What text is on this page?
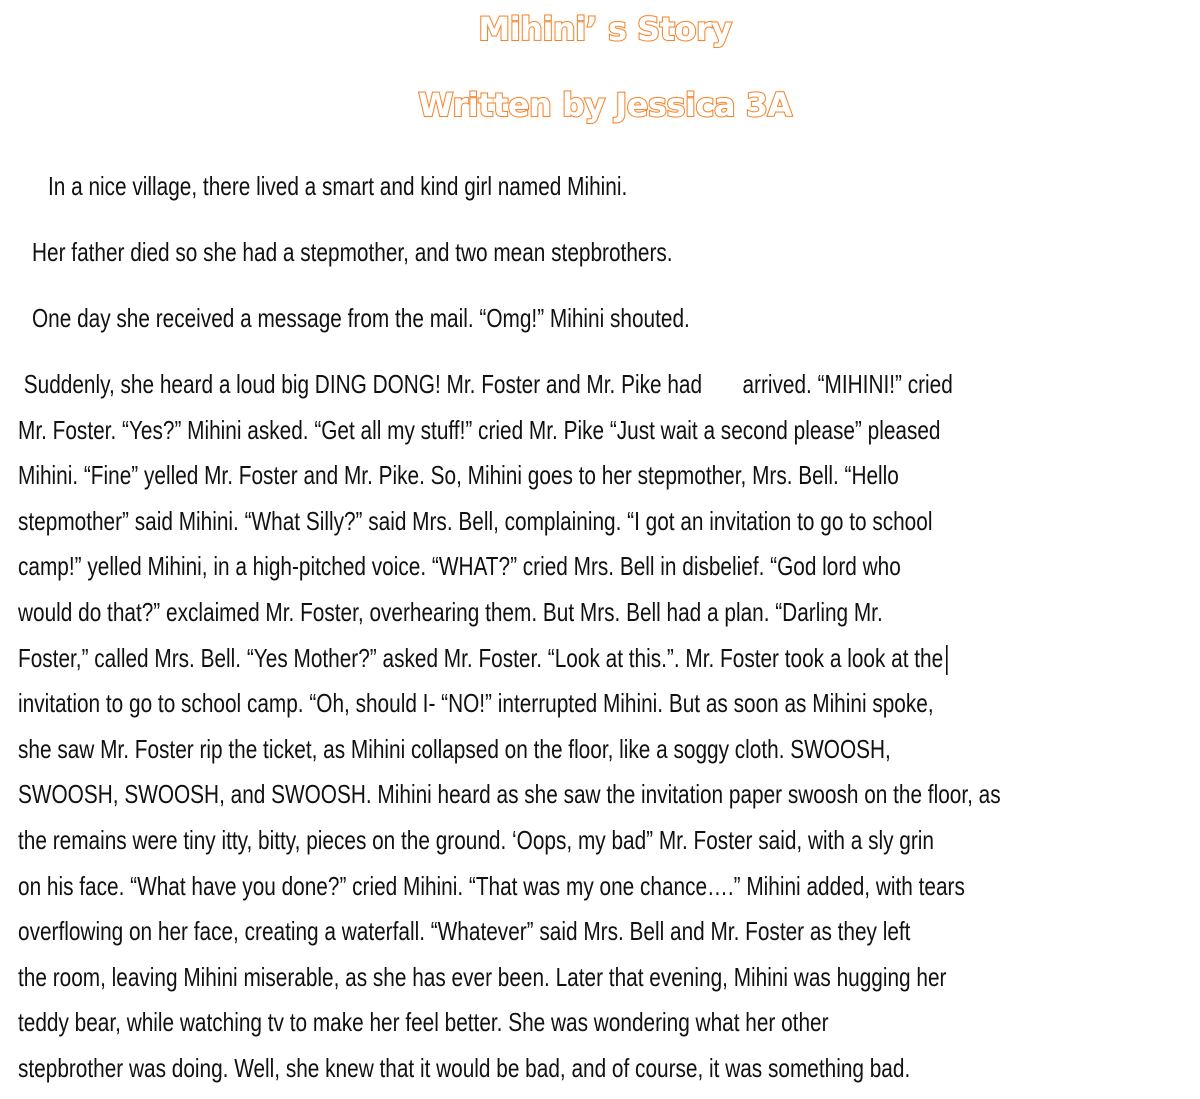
Mihini’ s Story
Written by Jessica 3A
In a nice village, there lived a smart and kind girl named Mihini.
Her father died so she had a stepmother, and two mean stepbrothers.
One day she received a message from the mail. “Omg!” Mihini shouted.
Suddenly, she heard a loud big DING DONG! Mr. Foster and Mr. Pike had       arrived. “MIHINI!” cried
Mr. Foster. “Yes?” Mihini asked. “Get all my stuff!” cried Mr. Pike “Just wait a second please” pleased
Mihini. “Fine” yelled Mr. Foster and Mr. Pike. So, Mihini goes to her stepmother, Mrs. Bell. “Hello
stepmother” said Mihini. “What Silly?” said Mrs. Bell, complaining. “I got an invitation to go to school
camp!” yelled Mihini, in a high-pitched voice. “WHAT?” cried Mrs. Bell in disbelief. “God lord who
would do that?” exclaimed Mr. Foster, overhearing them. But Mrs. Bell had a plan. “Darling Mr.
Foster,” called Mrs. Bell. “Yes Mother?” asked Mr. Foster. “Look at this.”. Mr. Foster took a look at the
invitation to go to school camp. “Oh, should I- “NO!” interrupted Mihini. But as soon as Mihini spoke,
she saw Mr. Foster rip the ticket, as Mihini collapsed on the floor, like a soggy cloth. SWOOSH,
SWOOSH, SWOOSH, and SWOOSH. Mihini heard as she saw the invitation paper swoosh on the floor, as
the remains were tiny itty, bitty, pieces on the ground. ‘Oops, my bad” Mr. Foster said, with a sly grin
on his face. “What have you done?” cried Mihini. “That was my one chance….” Mihini added, with tears
overflowing on her face, creating a waterfall. “Whatever” said Mrs. Bell and Mr. Foster as they left
the room, leaving Mihini miserable, as she has ever been. Later that evening, Mihini was hugging her
teddy bear, while watching tv to make her feel better. She was wondering what her other
stepbrother was doing. Well, she knew that it would be bad, and of course, it was something bad.
